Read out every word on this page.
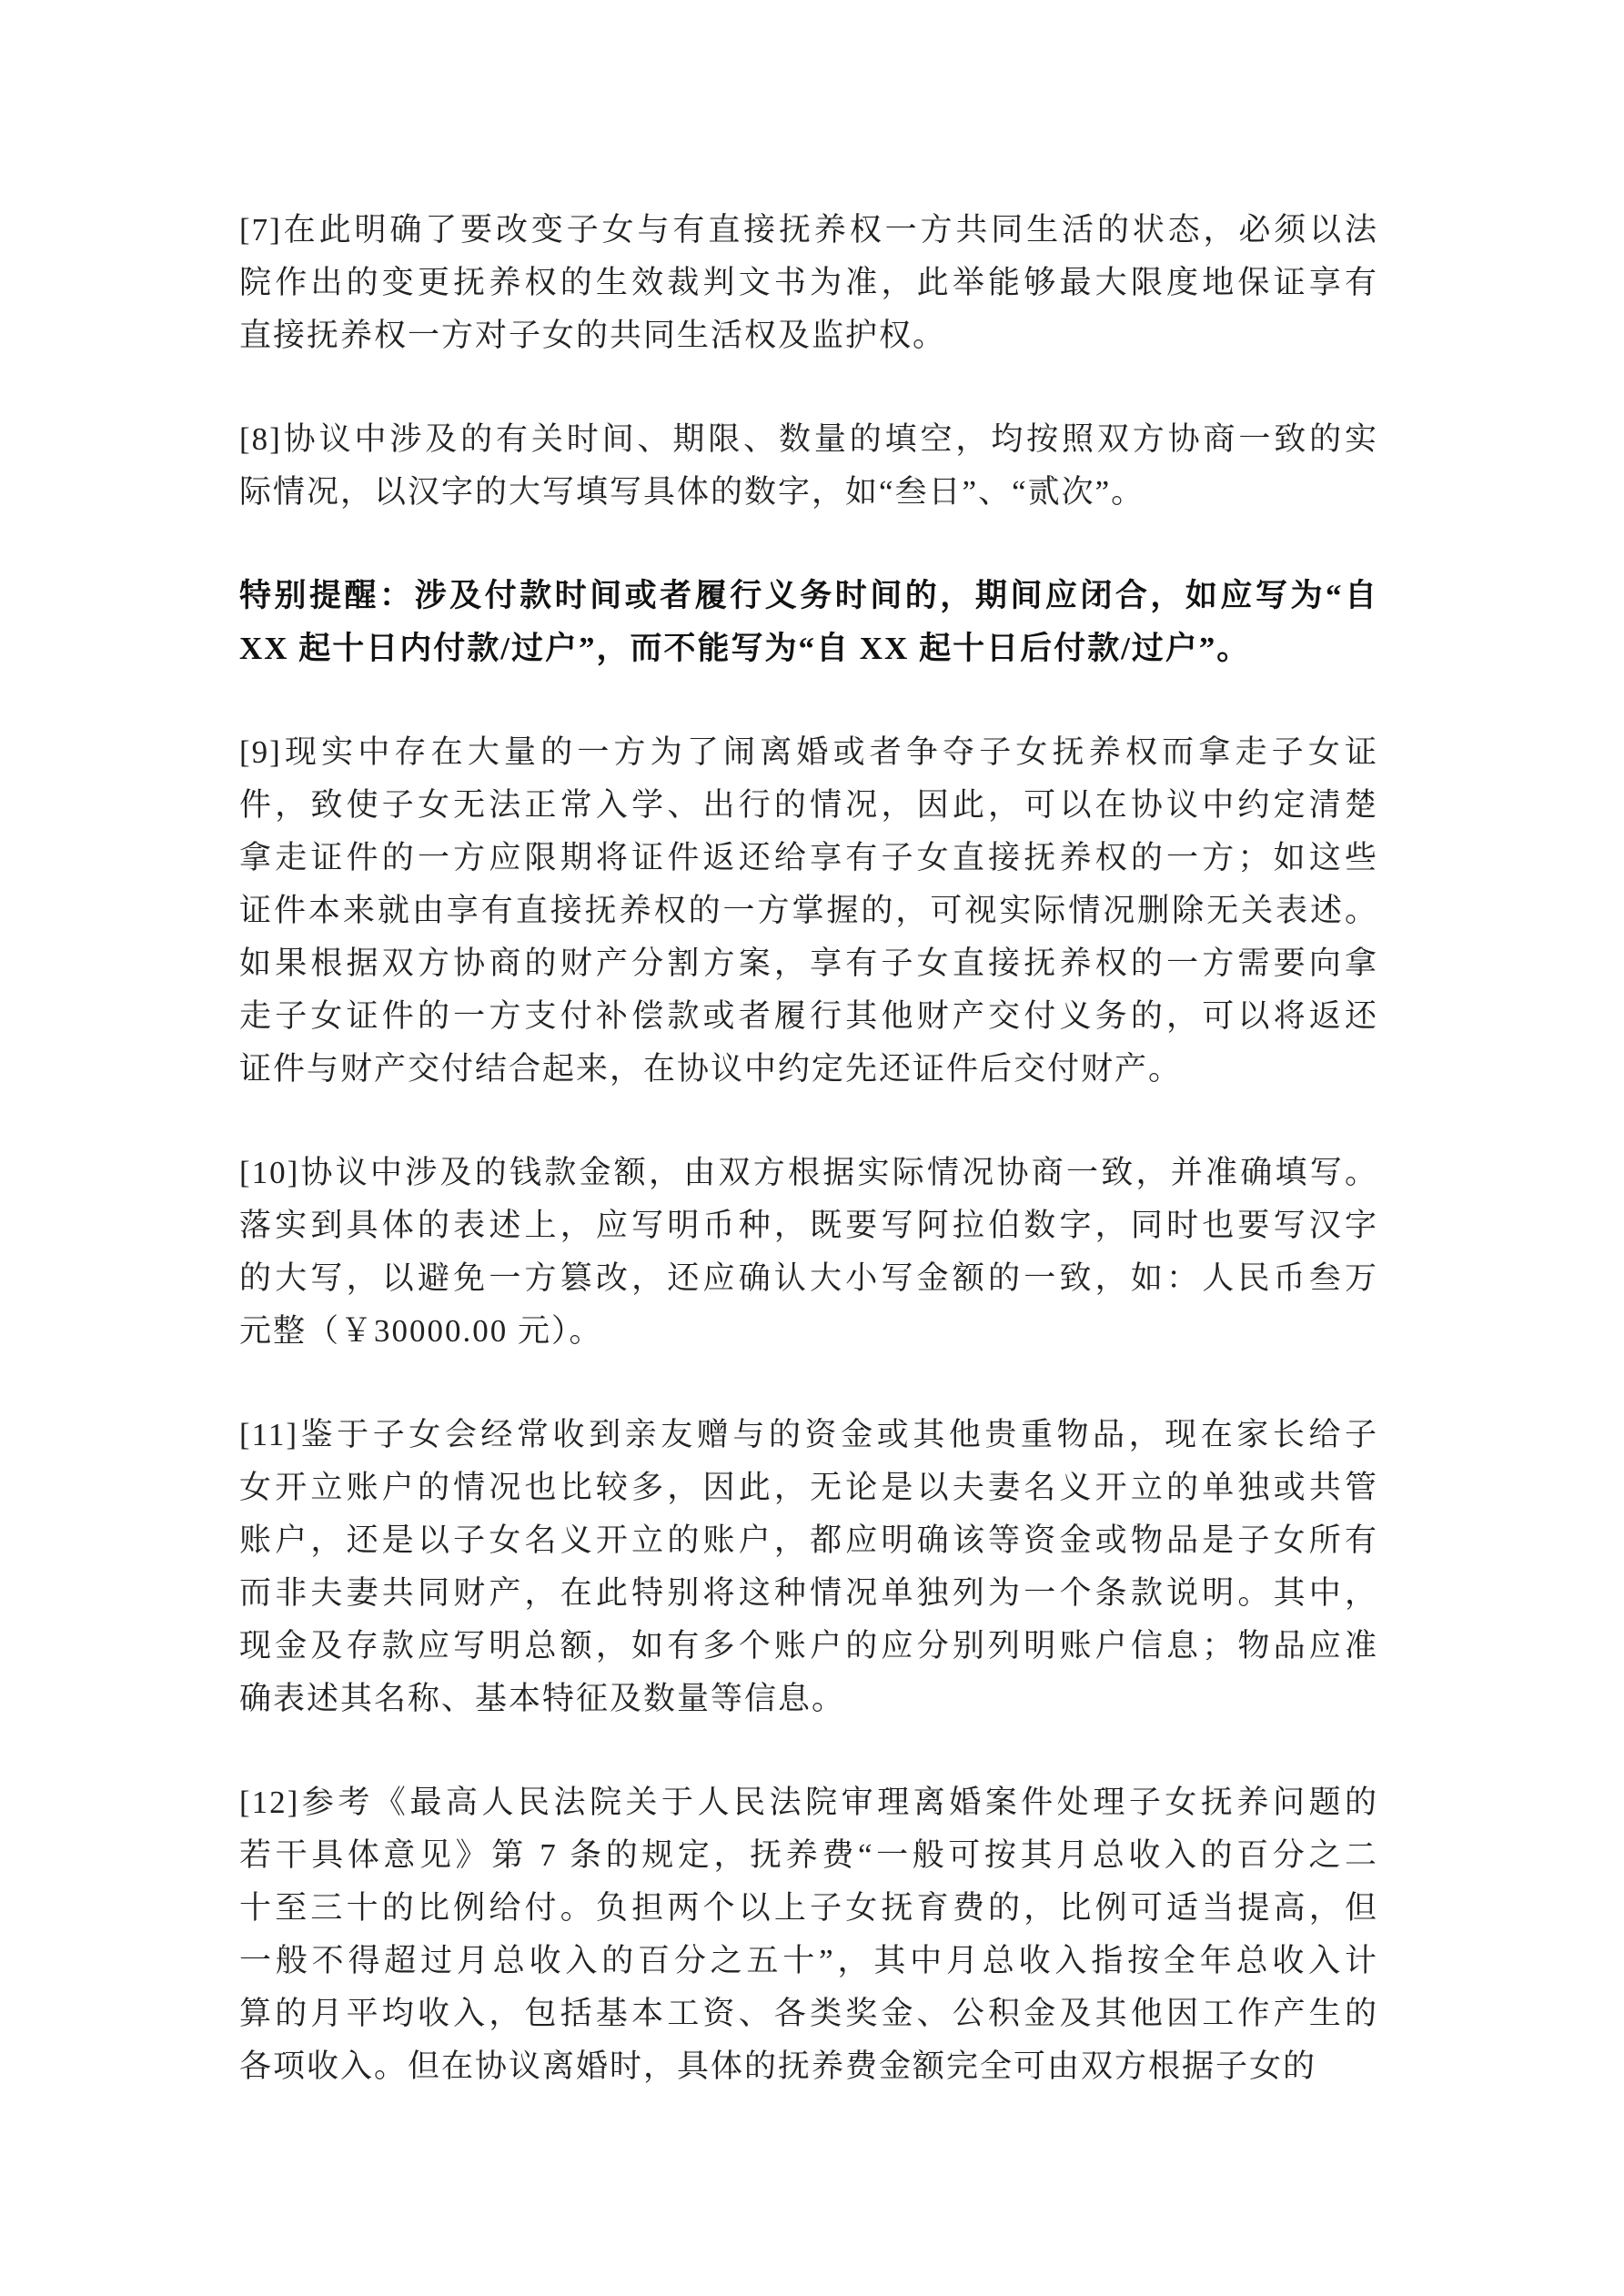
[7]在此明确了要改变子女与有直接抚养权一方共同生活的状态，必须以法
院作出的变更抚养权的生效裁判文书为准，此举能够最大限度地保证享有
直接抚养权一方对子女的共同生活权及监护权。

[8]协议中涉及的有关时间、期限、数量的填空，均按照双方协商一致的实
际情况，以汉字的大写填写具体的数字，如“叁日”、“贰次”。

特别提醒：涉及付款时间或者履行义务时间的，期间应闭合，如应写为“自
XX 起十日内付款/过户”，而不能写为“自 XX 起十日后付款/过户”。

[9]现实中存在大量的一方为了闹离婚或者争夺子女抚养权而拿走子女证
件，致使子女无法正常入学、出行的情况，因此，可以在协议中约定清楚
拿走证件的一方应限期将证件返还给享有子女直接抚养权的一方；如这些
证件本来就由享有直接抚养权的一方掌握的，可视实际情况删除无关表述。
如果根据双方协商的财产分割方案，享有子女直接抚养权的一方需要向拿
走子女证件的一方支付补偿款或者履行其他财产交付义务的，可以将返还
证件与财产交付结合起来，在协议中约定先还证件后交付财产。

[10]协议中涉及的钱款金额，由双方根据实际情况协商一致，并准确填写。
落实到具体的表述上，应写明币种，既要写阿拉伯数字，同时也要写汉字
的大写，以避免一方篡改，还应确认大小写金额的一致，如：人民币叁万
元整（￥30000.00 元）。

[11]鉴于子女会经常收到亲友赠与的资金或其他贵重物品，现在家长给子
女开立账户的情况也比较多，因此，无论是以夫妻名义开立的单独或共管
账户，还是以子女名义开立的账户，都应明确该等资金或物品是子女所有
而非夫妻共同财产，在此特别将这种情况单独列为一个条款说明。其中，
现金及存款应写明总额，如有多个账户的应分别列明账户信息；物品应准
确表述其名称、基本特征及数量等信息。

[12]参考《最高人民法院关于人民法院审理离婚案件处理子女抚养问题的
若干具体意见》第 7 条的规定，抚养费“一般可按其月总收入的百分之二
十至三十的比例给付。负担两个以上子女抚育费的，比例可适当提高，但
一般不得超过月总收入的百分之五十”，其中月总收入指按全年总收入计
算的月平均收入，包括基本工资、各类奖金、公积金及其他因工作产生的
各项收入。但在协议离婚时，具体的抚养费金额完全可由双方根据子女的
